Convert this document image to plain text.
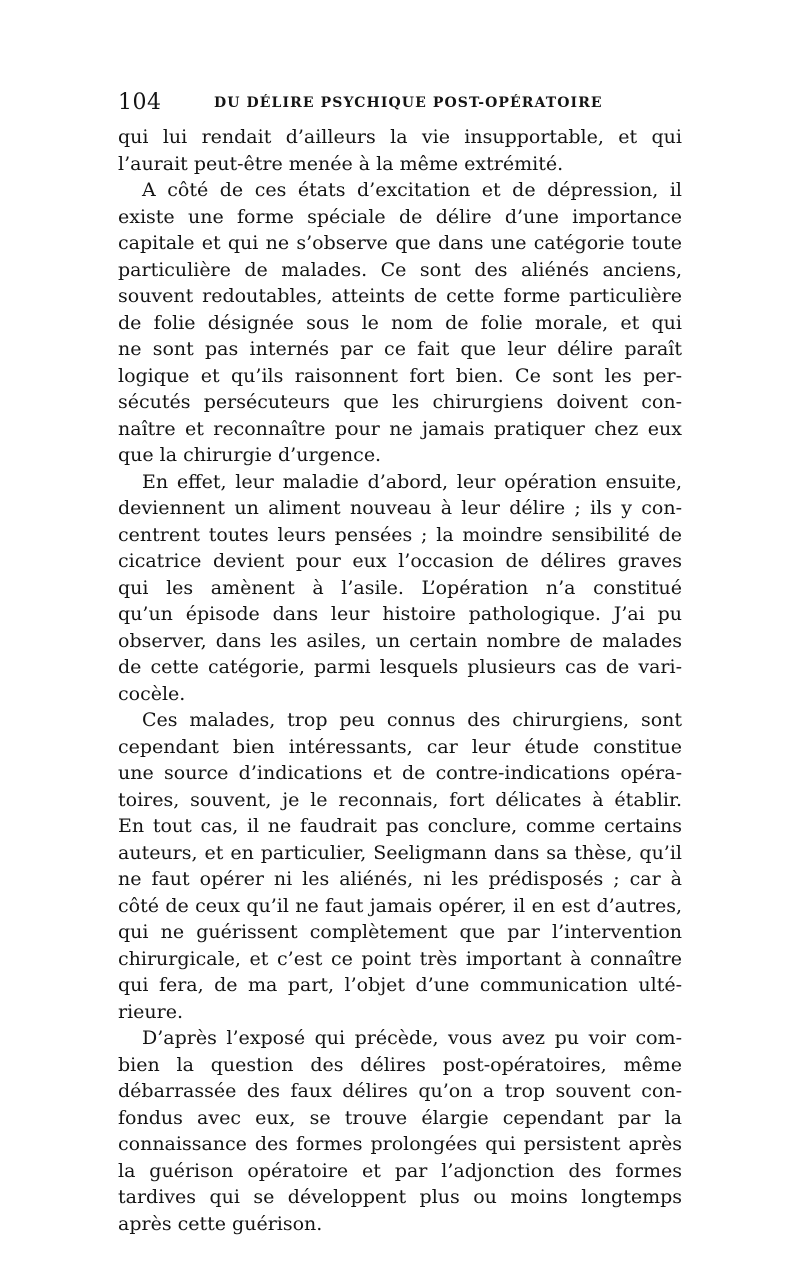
104	DU DÉLIRE PSYCHIQUE POST-OPÉRATOIRE
qui lui rendait d’ailleurs la vie insupportable, et qui
l’aurait peut-être menée à la même extrémité.
A côté de ces états d’excitation et de dépression, il
existe une forme spéciale de délire d’une importance
capitale et qui ne s’observe que dans une catégorie toute
particulière de malades. Ce sont des aliénés anciens,
souvent redoutables, atteints de cette forme particulière
de folie désignée sous le nom de folie morale, et qui
ne sont pas internés par ce fait que leur délire paraît
logique et qu’ils raisonnent fort bien. Ce sont les per-
sécutés persécuteurs que les chirurgiens doivent con-
naître et reconnaître pour ne jamais pratiquer chez eux
que la chirurgie d’urgence.
En effet, leur maladie d’abord, leur opération ensuite,
deviennent un aliment nouveau à leur délire ; ils y con-
centrent toutes leurs pensées ; la moindre sensibilité de
cicatrice devient pour eux l’occasion de délires graves
qui les amènent à l’asile. L’opération n’a constitué
qu’un épisode dans leur histoire pathologique. J’ai pu
observer, dans les asiles, un certain nombre de malades
de cette catégorie, parmi lesquels plusieurs cas de vari-
cocèle.
Ces malades, trop peu connus des chirurgiens, sont
cependant bien intéressants, car leur étude constitue
une source d’indications et de contre-indications opéra-
toires, souvent, je le reconnais, fort délicates à établir.
En tout cas, il ne faudrait pas conclure, comme certains
auteurs, et en particulier, Seeligmann dans sa thèse, qu’il
ne faut opérer ni les aliénés, ni les prédisposés ; car à
côté de ceux qu’il ne faut jamais opérer, il en est d’autres,
qui ne guérissent complètement que par l’intervention
chirurgicale, et c’est ce point très important à connaître
qui fera, de ma part, l’objet d’une communication ulté-
rieure.
D’après l’exposé qui précède, vous avez pu voir com-
bien la question des délires post-opératoires, même
débarrassée des faux délires qu’on a trop souvent con-
fondus avec eux, se trouve élargie cependant par la
connaissance des formes prolongées qui persistent après
la guérison opératoire et par l’adjonction des formes
tardives qui se développent plus ou moins longtemps
après cette guérison.
